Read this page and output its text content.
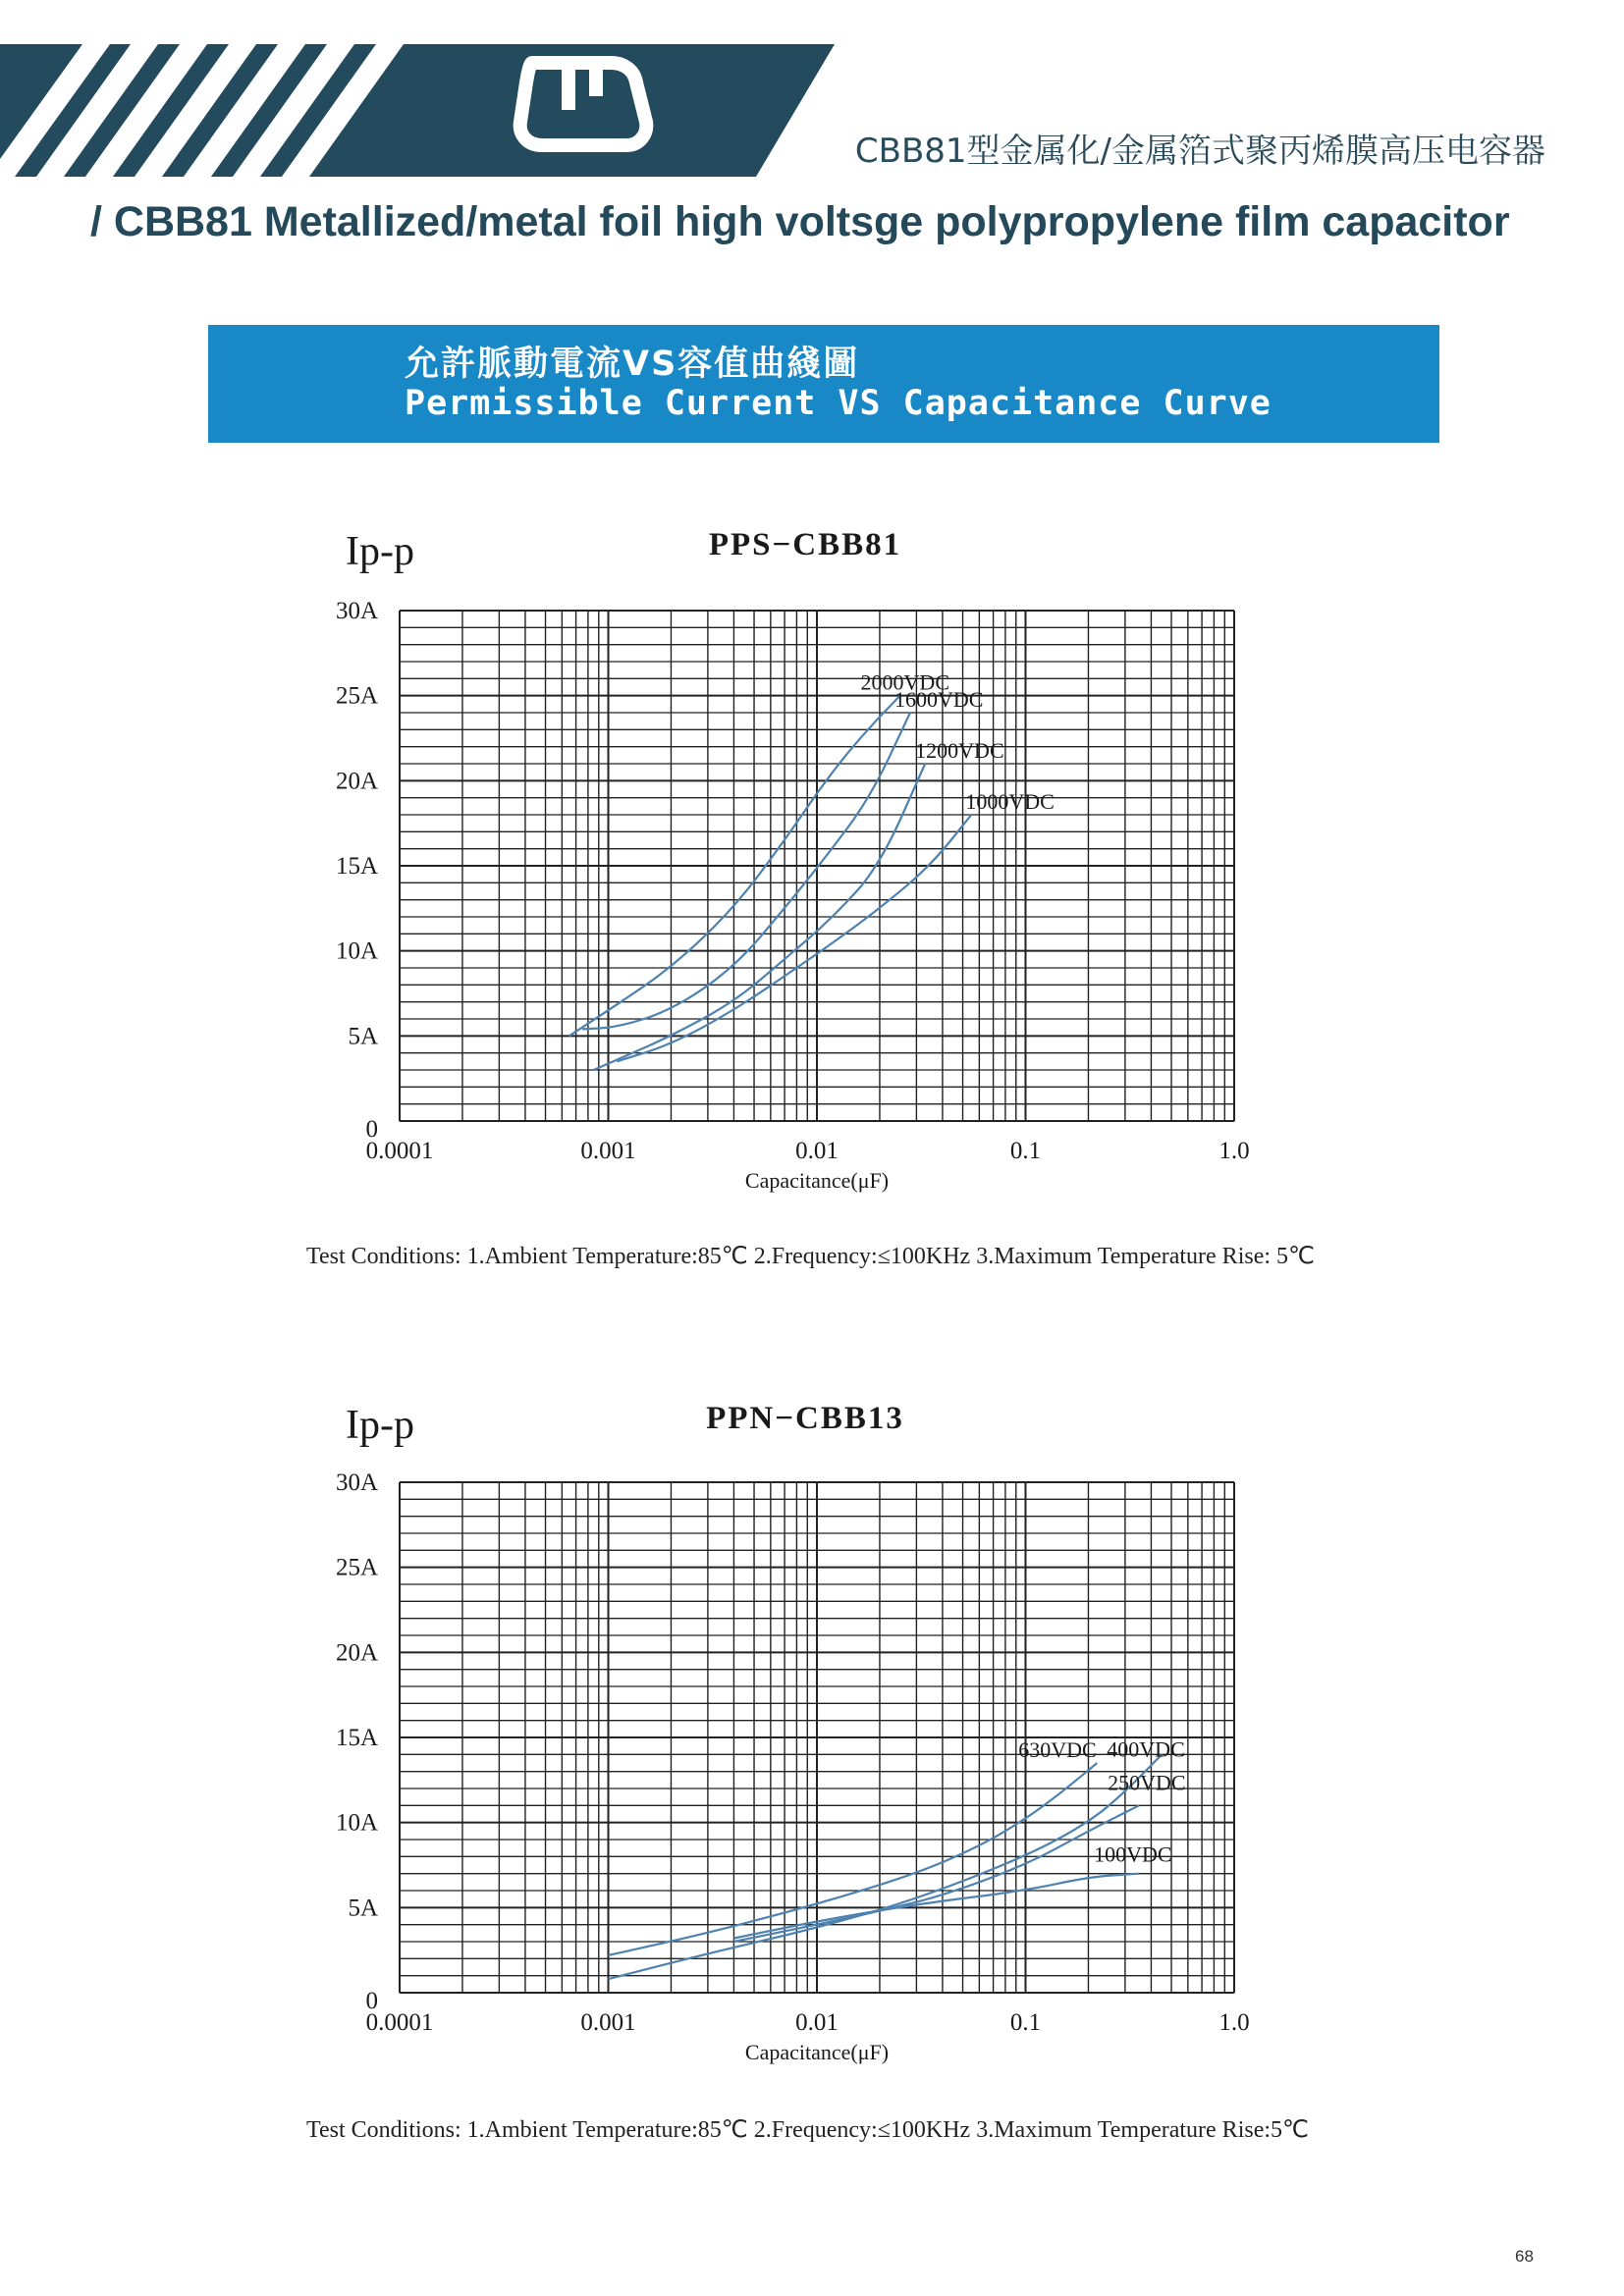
CBB81型金属化/金属箔式聚丙烯膜高压电容器
/ CBB81 Metallized/metal foil high voltsge polypropylene film capacitor
允許脈動電流VS容值曲綫圖
Permissible Current VS Capacitance Curve
PPS−CBB81
Ip-p
0
5A
10A
15A
20A
25A
30A
0.0001	0.001	0.01	0.1	1.0
Capacitance(μF)
2000VDC
1600VDC
1200VDC
1000VDC
Test Conditions: 1.Ambient Temperature:85℃ 2.Frequency:≤100KHz 3.Maximum Temperature Rise: 5℃
PPN−CBB13
Ip-p
0
5A
10A
15A
20A
25A
30A
0.0001	0.001	0.01	0.1	1.0
Capacitance(μF)
630VDC 400VDC
250VDC
100VDC
Test Conditions: 1.Ambient Temperature:85℃ 2.Frequency:≤100KHz 3.Maximum Temperature Rise:5℃
68
